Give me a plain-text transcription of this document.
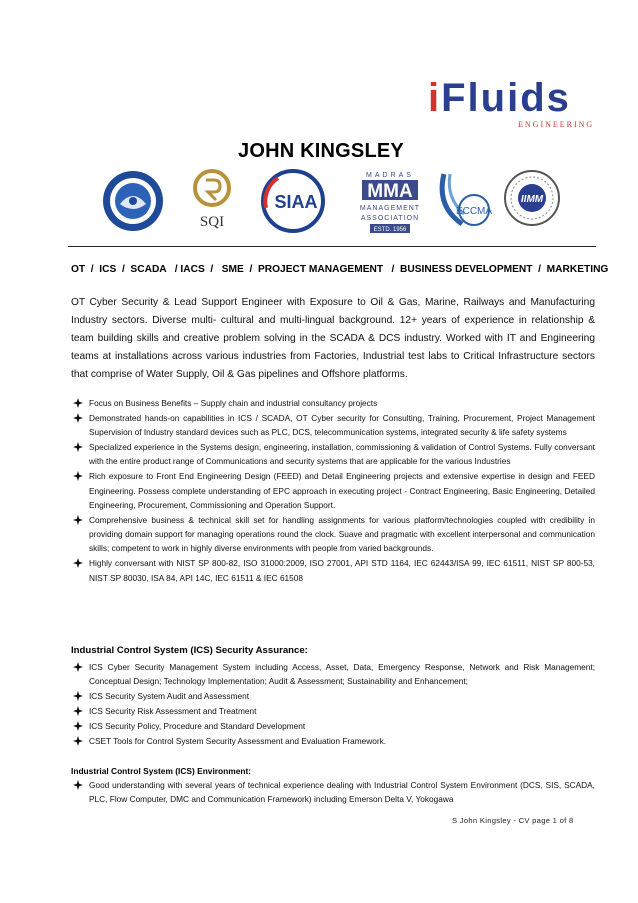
iFluids
ENGINEERING
JOHN KINGSLEY
SQI
SIAA
MADRAS
MMA
MANAGEMENT
ASSOCIATION
ESTD. 1956
ECCMA
IIMM
OT  /  ICS  /  SCADA   / IACS  /   SME  /  PROJECT MANAGEMENT   /  BUSINESS DEVELOPMENT  /  MARKETING
OT Cyber Security & Lead Support Engineer with Exposure to Oil & Gas, Marine, Railways and Manufacturing Industry sectors. Diverse multi- cultural and multi-lingual background. 12+ years of experience in relationship & team building skills and creative problem solving in the SCADA & DCS industry. Worked with IT and Engineering teams at installations across various industries from Factories, Industrial test labs to Critical Infrastructure sectors that comprise of Water Supply, Oil & Gas pipelines and Offshore platforms.
Focus on Business Benefits – Supply chain and industrial consultancy projects
Demonstrated hands-on capabilities in ICS / SCADA, OT Cyber security for Consulting, Training, Procurement, Project Management Supervision of Industry standard devices such as PLC, DCS, telecommunication systems, integrated security & life safety systems
Specialized experience in the Systems design, engineering, installation, commissioning & validation of Control Systems. Fully conversant with the entire product range of Communications and security systems that are applicable for the various Industries
Rich exposure to Front End Engineering Design (FEED) and Detail Engineering projects and extensive expertise in design and FEED Engineering. Possess complete understanding of EPC approach in executing project - Contract Engineering, Basic Engineering, Detailed Engineering, Procurement, Commissioning and Operation Support.
Comprehensive business & technical skill set for handling assignments for various platform/technologies coupled with credibility in providing domain support for managing operations round the clock. Suave and pragmatic with excellent interpersonal and communication skills; competent to work in highly diverse environments with people from varied backgrounds.
Highly conversant with NIST SP 800-82, ISO 31000:2009, ISO 27001, API STD 1164, IEC 62443/ISA 99, IEC 61511, NIST SP 800-53, NIST SP 80030, ISA 84, API 14C, IEC 61511 & IEC 61508
Industrial Control System (ICS) Security Assurance:
ICS Cyber Security Management System including Access, Asset, Data, Emergency Response, Network and Risk Management; Conceptual Design; Technology Implementation; Audit & Assessment; Sustainability and Enhancement;
ICS Security System Audit and Assessment
ICS Security Risk Assessment and Treatment
ICS Security Policy, Procedure and Standard Development
CSET Tools for Control System Security Assessment and Evaluation Framework.
Industrial Control System (ICS) Environment:
Good understanding with several years of technical experience dealing with Industrial Control System Environment (DCS, SIS, SCADA, PLC, Flow Computer, DMC and Communication Framework) including Emerson Delta V, Yokogawa
S John Kingsley - CV page 1 of 8
